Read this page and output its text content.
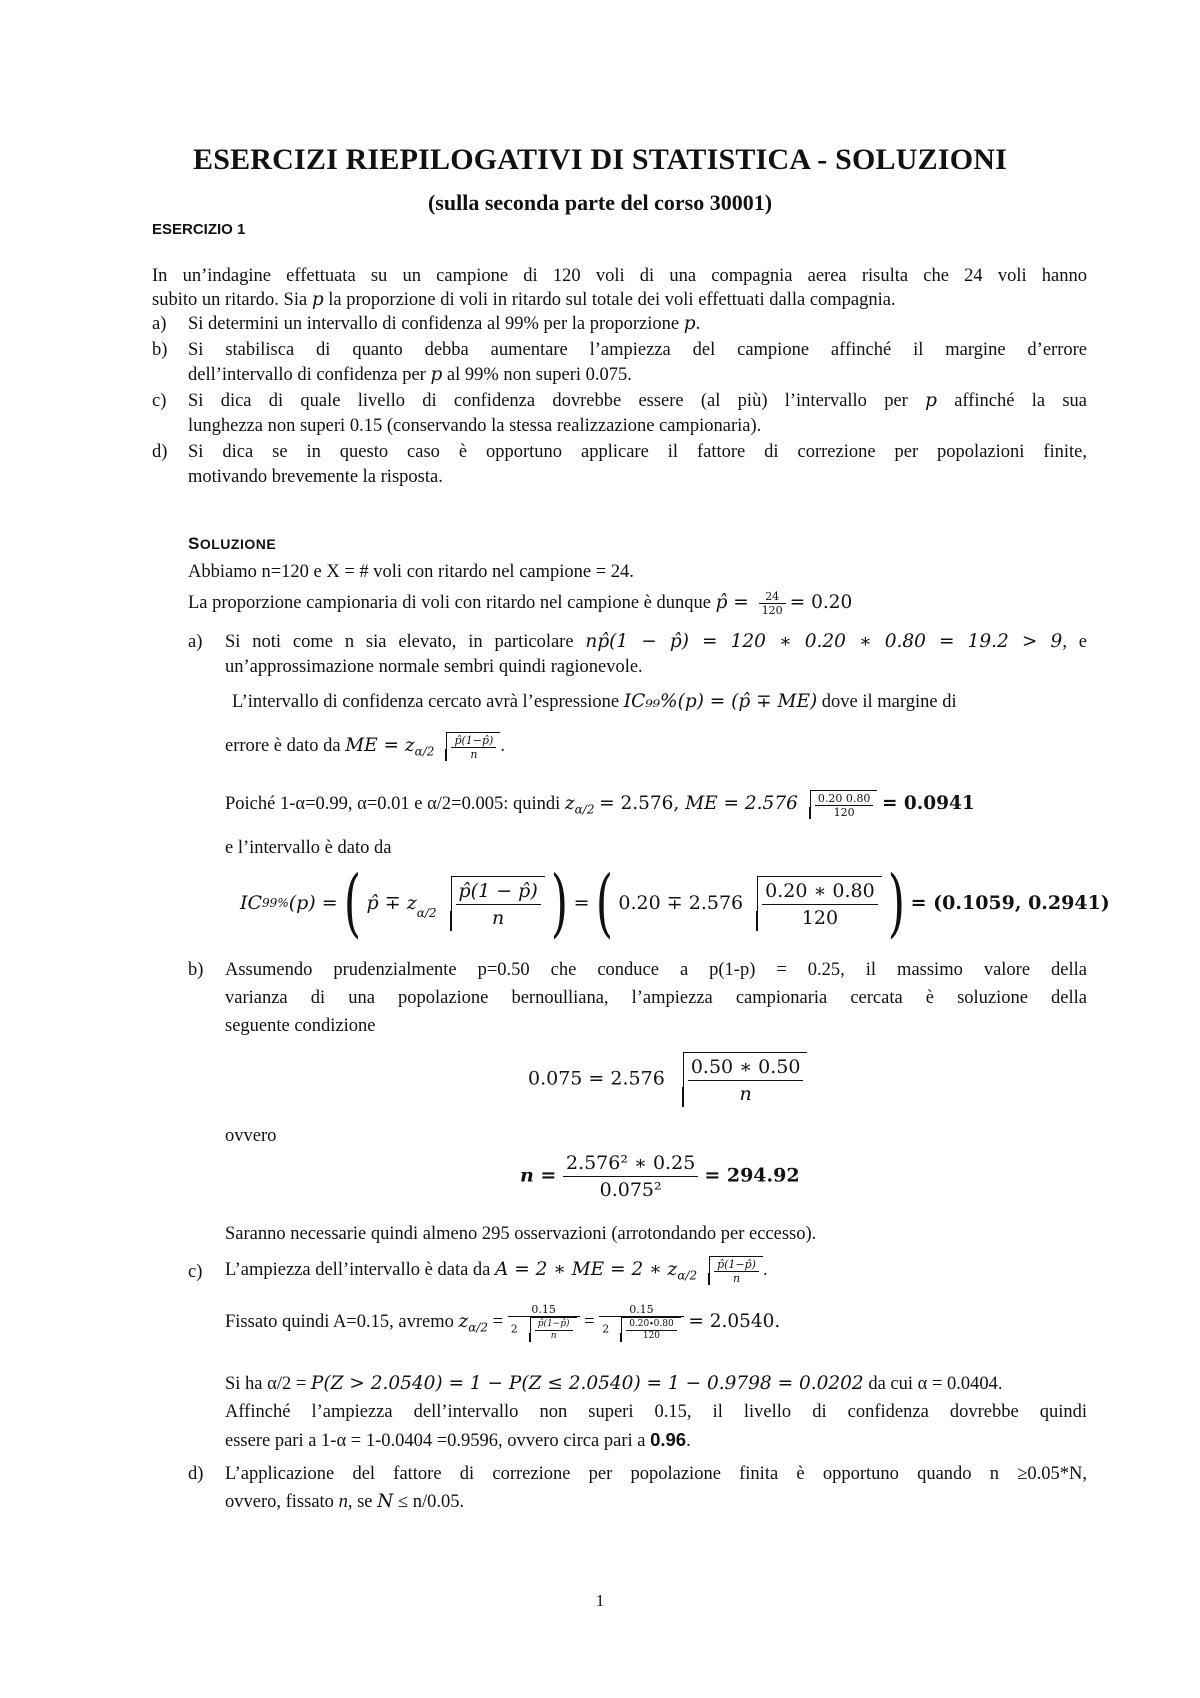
ESERCIZI RIEPILOGATIVI DI STATISTICA - SOLUZIONI
(sulla seconda parte del corso 30001)
ESERCIZIO 1
In un’indagine effettuata su un campione di 120 voli di una compagnia aerea risulta che 24 voli hanno
subito un ritardo. Sia p la proporzione di voli in ritardo sul totale dei voli effettuati dalla compagnia.
a) Si determini un intervallo di confidenza al 99% per la proporzione p.
b) Si stabilisca di quanto debba aumentare l’ampiezza del campione affinché il margine d’errore
dell’intervallo di confidenza per p al 99% non superi 0.075.
c) Si dica di quale livello di confidenza dovrebbe essere (al più) l’intervallo per p affinché la sua
lunghezza non superi 0.15 (conservando la stessa realizzazione campionaria).
d) Si dica se in questo caso è opportuno applicare il fattore di correzione per popolazioni finite,
motivando brevemente la risposta.
SOLUZIONE
Abbiamo n=120 e X = # voli con ritardo nel campione = 24.
La proporzione campionaria di voli con ritardo nel campione è dunque p̂ = $\frac{24}{120} = 0.20$
a) Si noti come n sia elevato, in particolare np̂(1 − p̂) = 120 ∗ 0.20 ∗ 0.80 = 19.2 > 9, e
un’approssimazione normale sembri quindi ragionevole.
L’intervallo di confidenza cercato avrà l’espressione IC₉₉%(p) = (p̂ ∓ ME) dove il margine di
errore è dato da ME = $z_{\alpha/2} \frac{p̂(1-p̂)}{n}$ .
Poiché 1-α=0.99, α=0.01 e α/2=0.005: quindi $z_{\alpha/2} = 2.576$, ME = $2.576 \frac{0.20 0.80}{120} = 0.0941$
e l’intervallo è dato da
IC 99% (p) = ( p̂ ∓ $z_{\alpha/2} \frac{p̂(1 - p̂)}{n}$ ) = ( $0.20 \mp 2.576 \frac{0.20 ∗ 0.80}{120}$ ) = (0.1059, 0.2941)
b) Assumendo prudenzialmente p=0.50 che conduce a p(1-p) = 0.25, il massimo valore della
varianza di una popolazione bernoulliana, l’ampiezza campionaria cercata è soluzione della
seguente condizione
$0.075 = 2.576 \frac{0.50 ∗ 0.50}{n}$
ovvero
$n = \frac{\text{2.576² ∗ 0.25}}{\text{0.075²}} = 294.92$
Saranno necessarie quindi almeno 295 osservazioni (arrotondando per eccesso).
c) L’ampiezza dell’intervallo è data da A = 2 ∗ ME = 2 ∗ $z_{\alpha/2} \frac{p̂(1-p̂)}{n}$ .
Fissato quindi A=0.15, avremo $z_{\alpha/2} = \frac{0.15}{2 \frac{p̂(1-p̂)}{n}} = \frac{0.15}{2 \frac{0.20\cdot 0.80}{120}} = 2.0540$.
Si ha α/2 = P(Z > 2.0540) = 1 − P(Z ≤ 2.0540) = 1 − 0.9798 = 0.0202 da cui α = 0.0404.
Affinché l’ampiezza dell’intervallo non superi 0.15, il livello di confidenza dovrebbe quindi
essere pari a 1-α = 1-0.0404 =0.9596, ovvero circa pari a 0.96.
d) L’applicazione del fattore di correzione per popolazione finita è opportuno quando n ≥0.05*N,
ovvero, fissato n, se N ≤ n/0.05.
1
